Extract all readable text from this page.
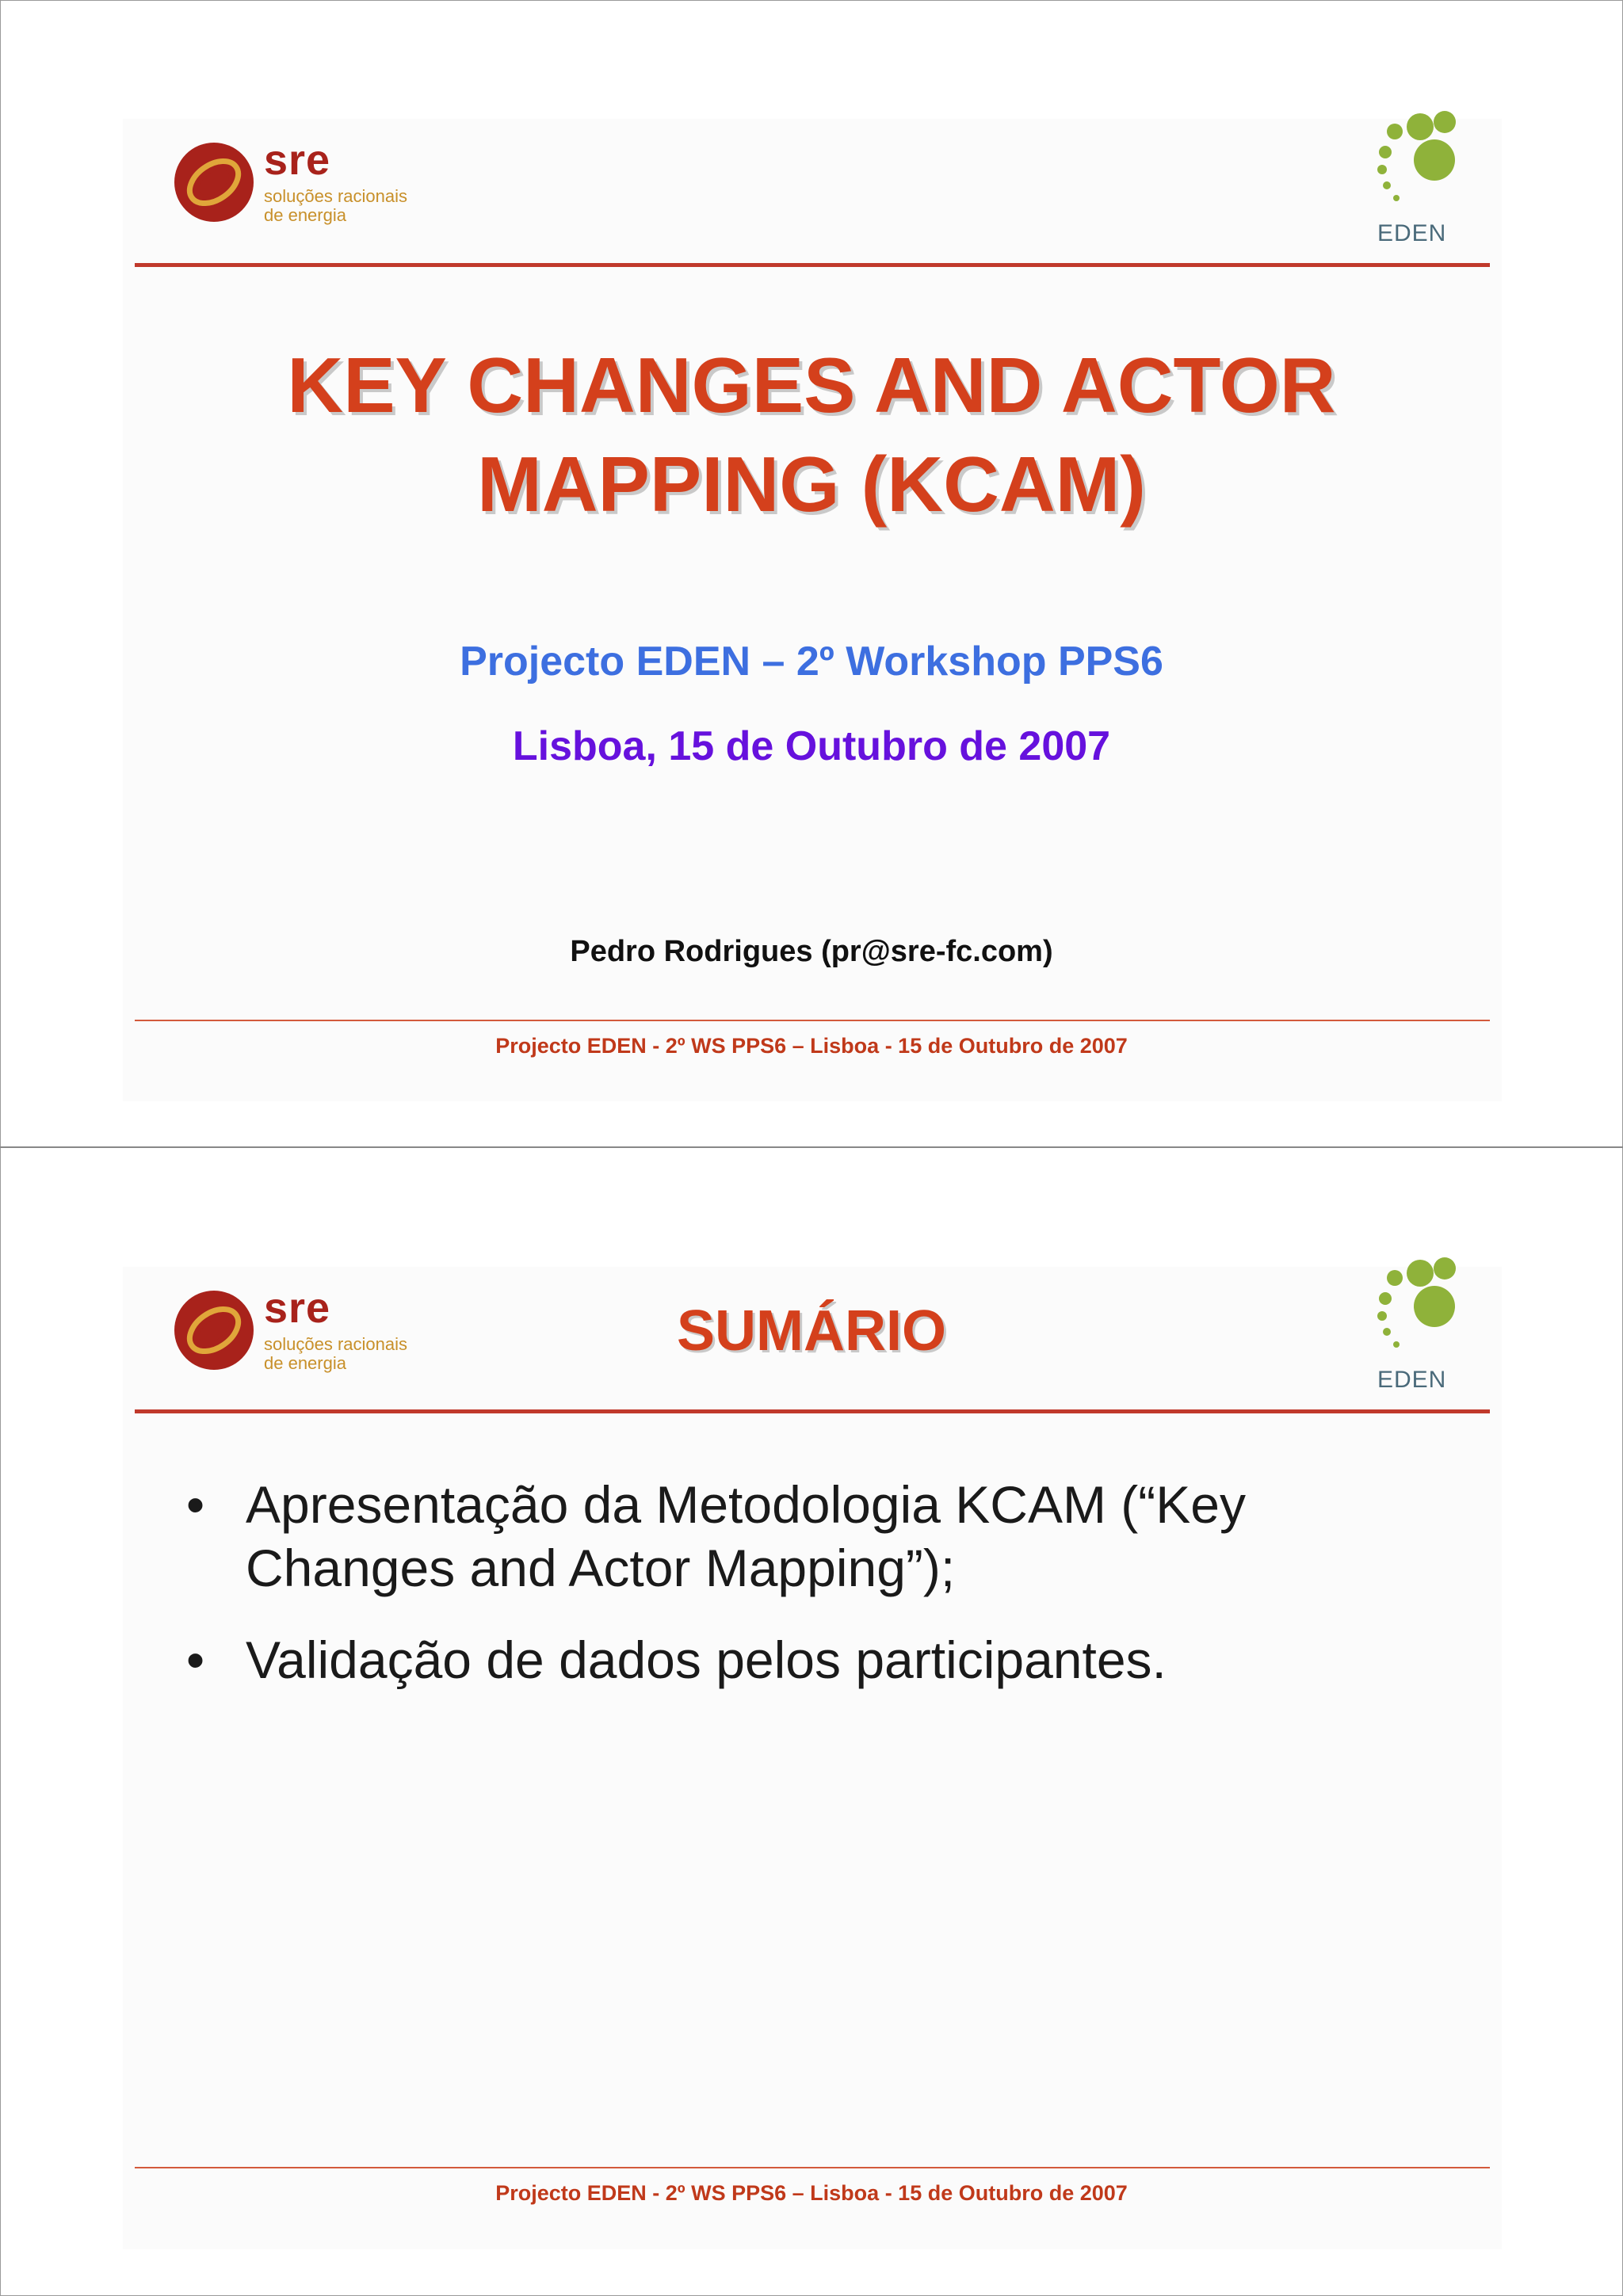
sre
soluções racionais
de energia
EDEN
KEY CHANGES AND ACTOR
MAPPING (KCAM)
Projecto EDEN – 2º Workshop PPS6
Lisboa, 15 de Outubro de 2007
Pedro Rodrigues (pr@sre-fc.com)
Projecto EDEN - 2º WS PPS6 – Lisboa - 15 de Outubro de 2007
sre
soluções racionais
de energia
EDEN
SUMÁRIO
• Apresentação da Metodologia KCAM (“Key Changes and Actor Mapping”);
• Validação de dados pelos participantes.
Projecto EDEN - 2º WS PPS6 – Lisboa - 15 de Outubro de 2007
